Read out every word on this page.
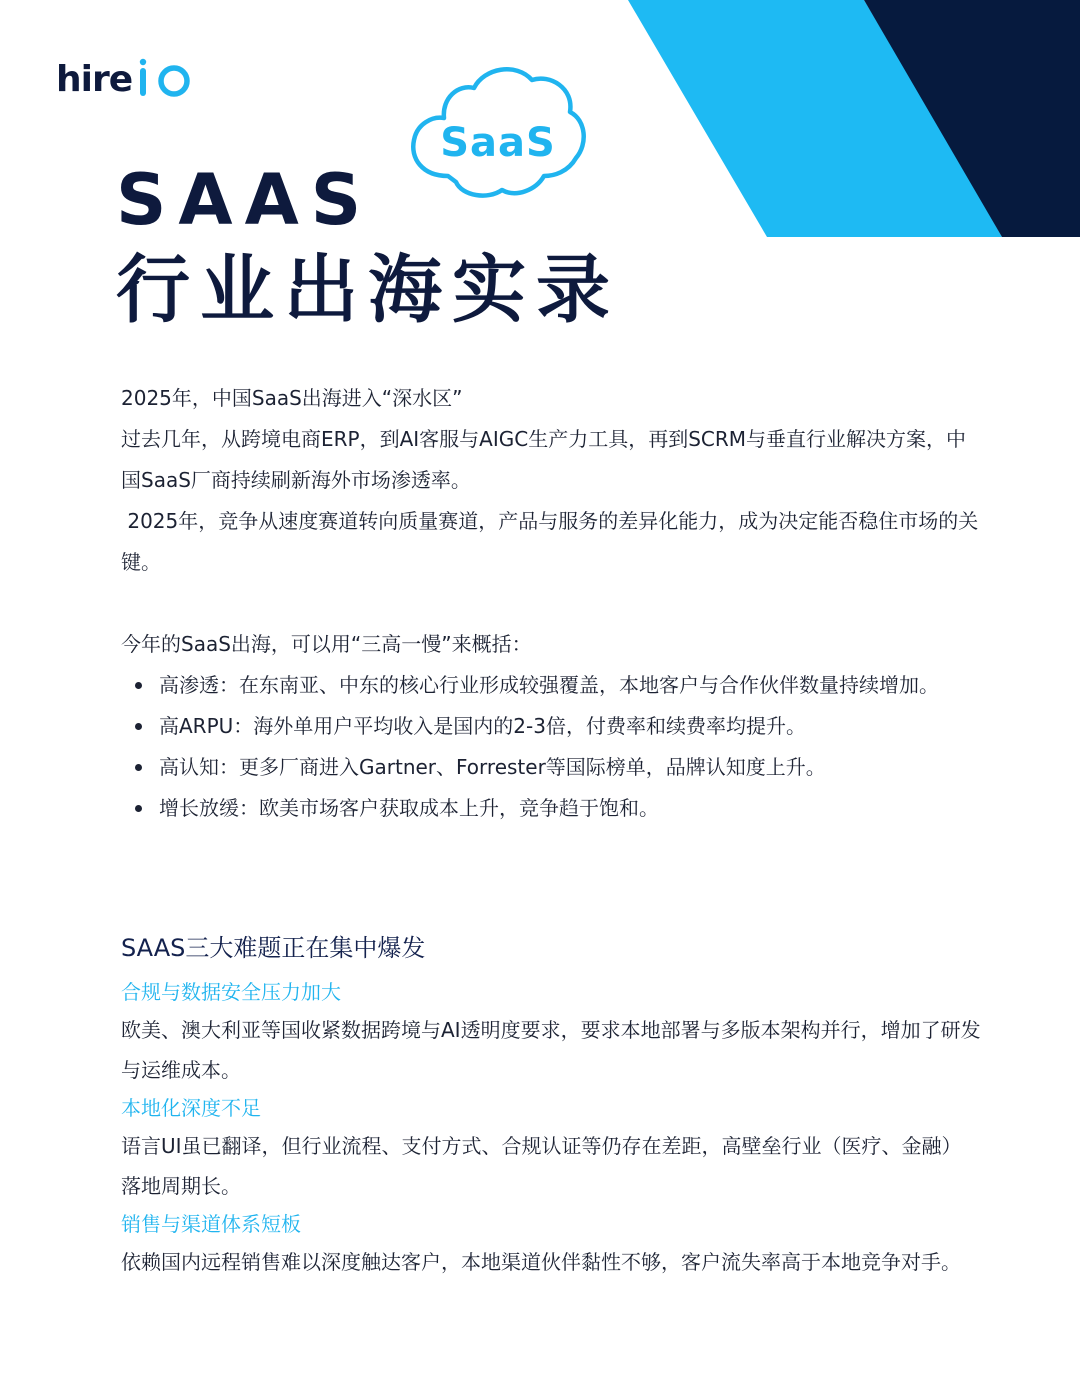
hire	io
SaaS
SAAS
行业出海实录

2025年，中国SaaS出海进入“深水区”

过去几年，从跨境电商ERP，到AI客服与AIGC生产力工具，再到SCRM与垂直行业解决方案，中国SaaS厂商持续刷新海外市场渗透率。

2025年，竞争从速度赛道转向质量赛道，产品与服务的差异化能力，成为决定能否稳住市场的关键。

今年的SaaS出海，可以用“三高一慢”来概括：

高渗透：在东南亚、中东的核心行业形成较强覆盖，本地客户与合作伙伴数量持续增加。
高ARPU：海外单用户平均收入是国内的2-3倍，付费率和续费率均提升。
高认知：更多厂商进入Gartner、Forrester等国际榜单，品牌认知度上升。
增长放缓：欧美市场客户获取成本上升，竞争趋于饱和。
SAAS三大难题正在集中爆发
合规与数据安全压力加大
欧美、澳大利亚等国收紧数据跨境与AI透明度要求，要求本地部署与多版本架构并行，增加了研发与运维成本。
本地化深度不足
语言UI虽已翻译，但行业流程、支付方式、合规认证等仍存在差距，高壁垒行业（医疗、金融）落地周期长。
销售与渠道体系短板
依赖国内远程销售难以深度触达客户，本地渠道伙伴黏性不够，客户流失率高于本地竞争对手。
